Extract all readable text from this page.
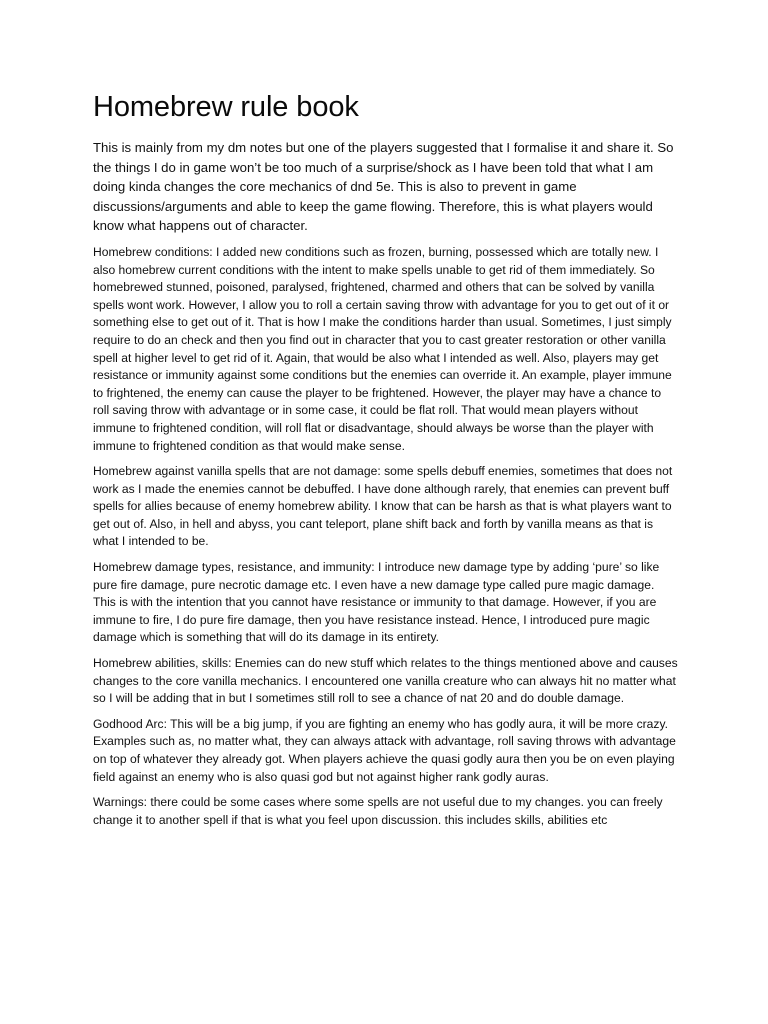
Homebrew rule book

This is mainly from my dm notes but one of the players suggested that I formalise it and share it. So the things I do in game won’t be too much of a surprise/shock as I have been told that what I am doing kinda changes the core mechanics of dnd 5e. This is also to prevent in game discussions/arguments and able to keep the game flowing. Therefore, this is what players would know what happens out of character.

Homebrew conditions: I added new conditions such as frozen, burning, possessed which are totally new. I also homebrew current conditions with the intent to make spells unable to get rid of them immediately. So homebrewed stunned, poisoned, paralysed, frightened, charmed and others that can be solved by vanilla spells wont work. However, I allow you to roll a certain saving throw with advantage for you to get out of it or something else to get out of it. That is how I make the conditions harder than usual. Sometimes, I just simply require to do an check and then you find out in character that you to cast greater restoration or other vanilla spell at higher level to get rid of it. Again, that would be also what I intended as well. Also, players may get resistance or immunity against some conditions but the enemies can override it. An example, player immune to frightened, the enemy can cause the player to be frightened. However, the player may have a chance to roll saving throw with advantage or in some case, it could be flat roll. That would mean players without immune to frightened condition, will roll flat or disadvantage, should always be worse than the player with immune to frightened condition as that would make sense.

Homebrew against vanilla spells that are not damage: some spells debuff enemies, sometimes that does not work as I made the enemies cannot be debuffed. I have done although rarely, that enemies can prevent buff spells for allies because of enemy homebrew ability. I know that can be harsh as that is what players want to get out of. Also, in hell and abyss, you cant teleport, plane shift back and forth by vanilla means as that is what I intended to be.

Homebrew damage types, resistance, and immunity: I introduce new damage type by adding ‘pure’ so like pure fire damage, pure necrotic damage etc. I even have a new damage type called pure magic damage. This is with the intention that you cannot have resistance or immunity to that damage. However, if you are immune to fire, I do pure fire damage, then you have resistance instead. Hence, I introduced pure magic damage which is something that will do its damage in its entirety.

Homebrew abilities, skills: Enemies can do new stuff which relates to the things mentioned above and causes changes to the core vanilla mechanics. I encountered one vanilla creature who can always hit no matter what so I will be adding that in but I sometimes still roll to see a chance of nat 20 and do double damage.

Godhood Arc: This will be a big jump, if you are fighting an enemy who has godly aura, it will be more crazy. Examples such as, no matter what, they can always attack with advantage, roll saving throws with advantage on top of whatever they already got. When players achieve the quasi godly aura then you be on even playing field against an enemy who is also quasi god but not against higher rank godly auras.

Warnings: there could be some cases where some spells are not useful due to my changes. you can freely change it to another spell if that is what you feel upon discussion. this includes skills, abilities etc
